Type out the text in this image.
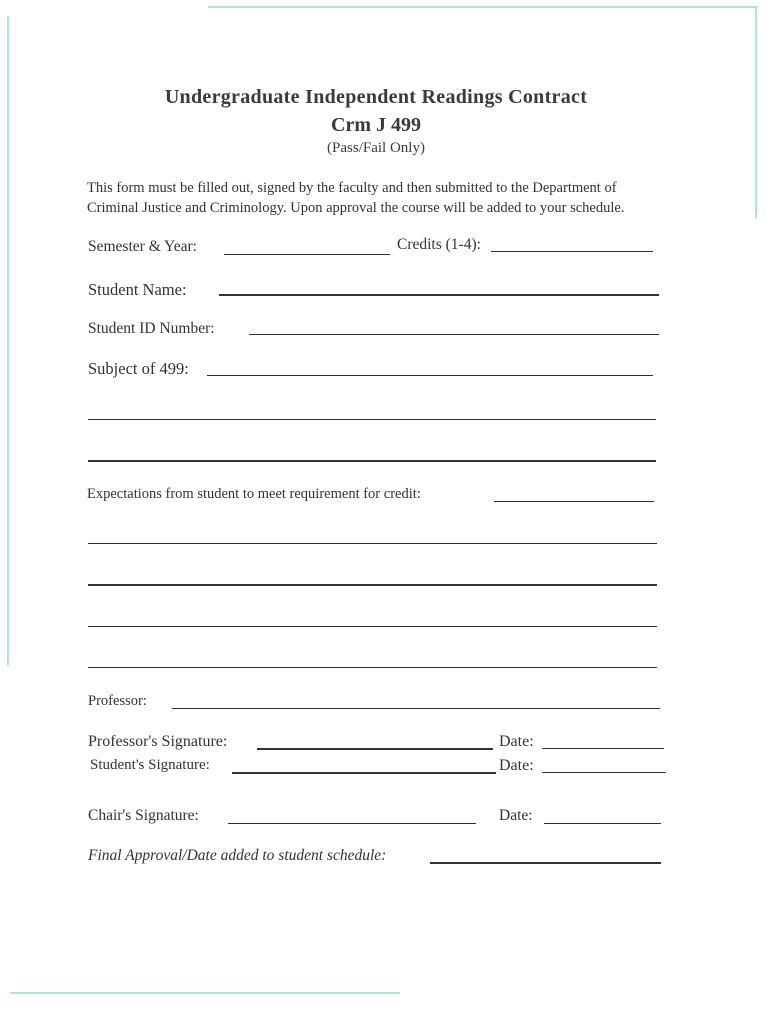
Undergraduate Independent Readings Contract
Crm J 499
(Pass/Fail Only)
This form must be filled out, signed by the faculty and then submitted to the Department of
Criminal Justice and Criminology. Upon approval the course will be added to your schedule.
Semester & Year:	Credits (1-4):
Student Name:
Student ID Number:
Subject of 499:
Expectations from student to meet requirement for credit:
Professor:
Professor's Signature:	Date:
Student's Signature:	Date:
Chair's Signature:	Date:
Final Approval/Date added to student schedule:
